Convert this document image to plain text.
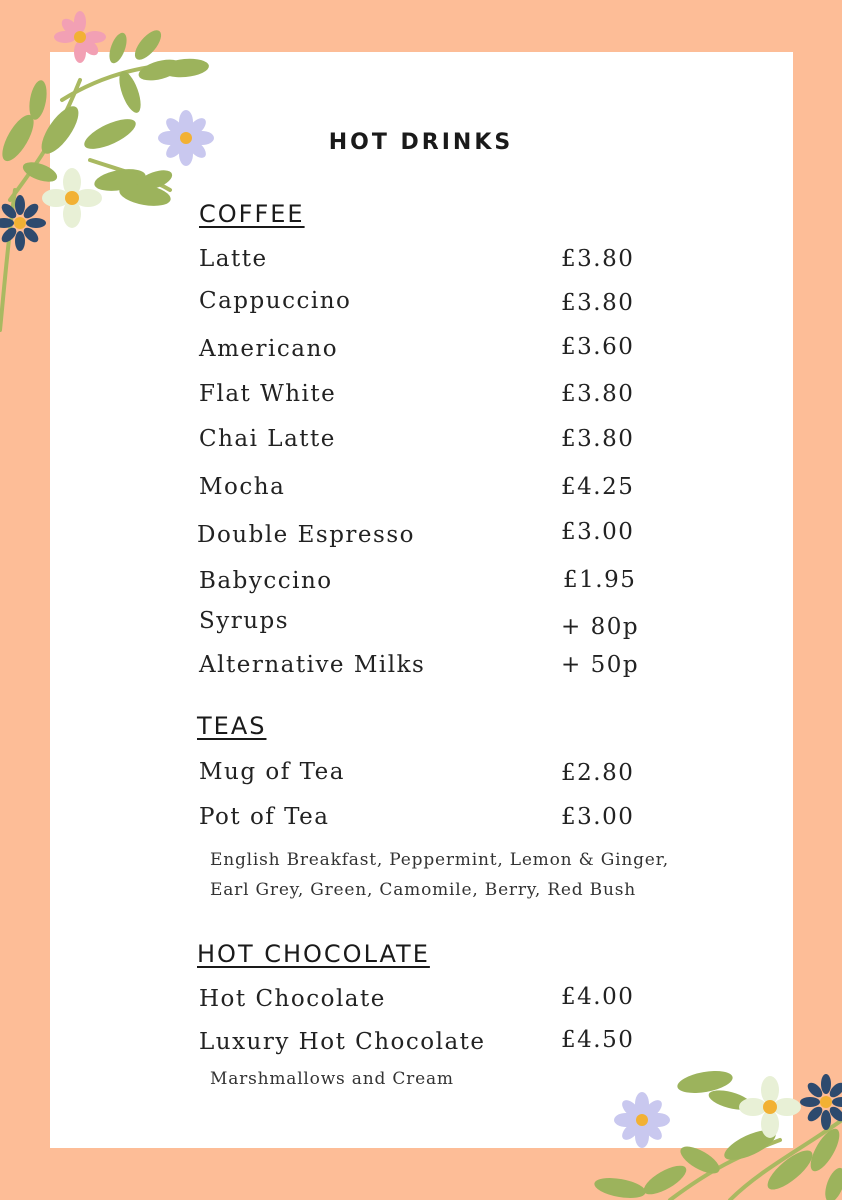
HOT DRINKS
COFFEE
Latte	£3.80
Cappuccino	£3.80
Americano	£3.60
Flat White	£3.80
Chai Latte	£3.80
Mocha	£4.25
Double Espresso	£3.00
Babyccino	£1.95
Syrups	+ 80p
Alternative Milks	+ 50p
TEAS
Mug of Tea	£2.80
Pot of Tea	£3.00
English Breakfast, Peppermint, Lemon & Ginger,
Earl Grey, Green, Camomile, Berry, Red Bush
HOT CHOCOLATE
Hot Chocolate	£4.00
Luxury Hot Chocolate	£4.50
Marshmallows and Cream
